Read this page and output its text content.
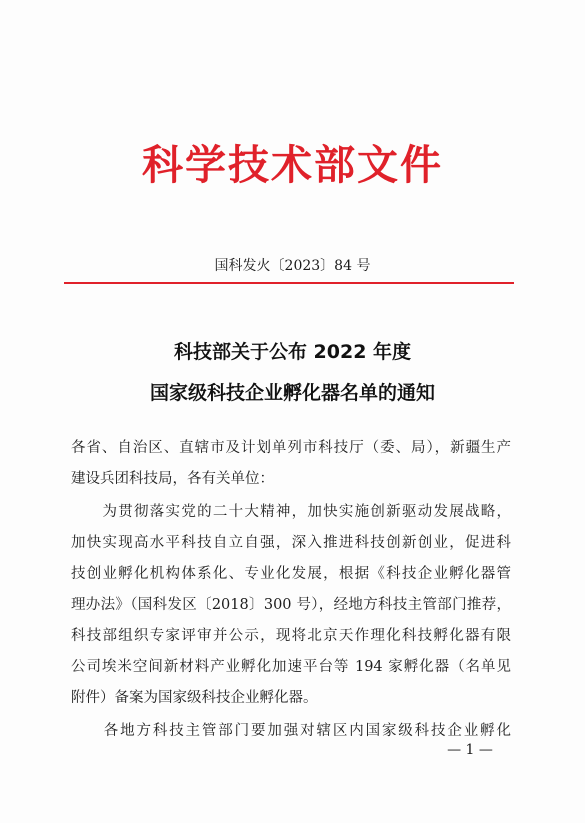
科学技术部文件
国科发火〔2023〕84 号
科技部关于公布 2022 年度
国家级科技企业孵化器名单的通知
各省、自治区、直辖市及计划单列市科技厅（委、局），新疆生产
建设兵团科技局，各有关单位：
　　为贯彻落实党的二十大精神，加快实施创新驱动发展战略，
加快实现高水平科技自立自强，深入推进科技创新创业，促进科
技创业孵化机构体系化、专业化发展，根据《科技企业孵化器管
理办法》（国科发区〔2018〕300 号），经地方科技主管部门推荐，
科技部组织专家评审并公示，现将北京天作理化科技孵化器有限
公司埃米空间新材料产业孵化加速平台等 194 家孵化器（名单见
附件）备案为国家级科技企业孵化器。
　　各地方科技主管部门要加强对辖区内国家级科技企业孵化
— 1 —
